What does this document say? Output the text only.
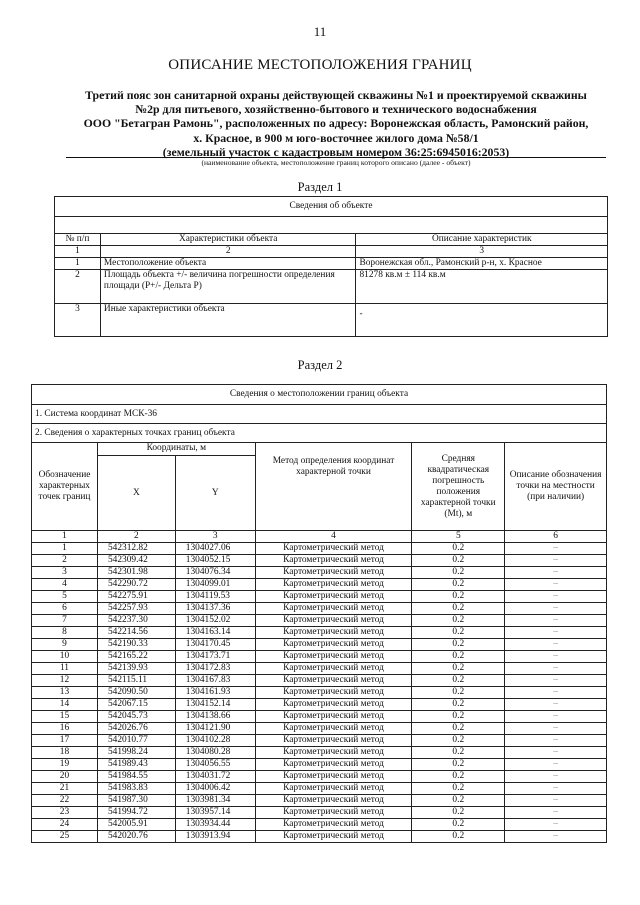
11
ОПИСАНИЕ МЕСТОПОЛОЖЕНИЯ ГРАНИЦ
Третий пояс зон санитарной охраны действующей скважины №1 и проектируемой скважины
№2р для питьевого, хозяйственно-бытового и технического водоснабжения
ООО "Бетагран Рамонь", расположенных по адресу: Воронежская область, Рамонский район,
х. Красное, в 900 м юго-восточнее жилого дома №58/1
(земельный участок с кадастровым номером 36:25:6945016:2053)
(наименование объекта, местоположение границ которого описано (далее - объект)
Раздел 1
Сведения об объекте		

№ п/п	Характеристики объекта	Описание характеристик
1	2	3
1	Местоположение объекта	Воронежская обл., Рамонский р-н, х. Красное
2	Площадь объекта +/- величина погрешности определения площади (Р+/- Дельта Р)	81278 кв.м ± 114 кв.м
3	Иные характеристики объекта	-
Раздел 2
Сведения о местоположении границ объекта					
1. Система координат МСК-36					
2. Сведения о характерных точках границ объекта					
Обозначение характерных точек границ	Координаты, м		Метод определения координат характерной точки	Средняя квадратическая погрешность положения характерной точки (Mt), м	Описание обозначения точки на местности (при наличии)
	X	Y			
1	2	3	4	5	6
1	542312.82	1304027.06	Картометрический метод	0.2	–
2	542309.42	1304052.15	Картометрический метод	0.2	–
3	542301.98	1304076.34	Картометрический метод	0.2	–
4	542290.72	1304099.01	Картометрический метод	0.2	–
5	542275.91	1304119.53	Картометрический метод	0.2	–
6	542257.93	1304137.36	Картометрический метод	0.2	–
7	542237.30	1304152.02	Картометрический метод	0.2	–
8	542214.56	1304163.14	Картометрический метод	0.2	–
9	542190.33	1304170.45	Картометрический метод	0.2	–
10	542165.22	1304173.71	Картометрический метод	0.2	–
11	542139.93	1304172.83	Картометрический метод	0.2	–
12	542115.11	1304167.83	Картометрический метод	0.2	–
13	542090.50	1304161.93	Картометрический метод	0.2	–
14	542067.15	1304152.14	Картометрический метод	0.2	–
15	542045.73	1304138.66	Картометрический метод	0.2	–
16	542026.76	1304121.90	Картометрический метод	0.2	–
17	542010.77	1304102.28	Картометрический метод	0.2	–
18	541998.24	1304080.28	Картометрический метод	0.2	–
19	541989.43	1304056.55	Картометрический метод	0.2	–
20	541984.55	1304031.72	Картометрический метод	0.2	–
21	541983.83	1304006.42	Картометрический метод	0.2	–
22	541987.30	1303981.34	Картометрический метод	0.2	–
23	541994.72	1303957.14	Картометрический метод	0.2	–
24	542005.91	1303934.44	Картометрический метод	0.2	–
25	542020.76	1303913.94	Картометрический метод	0.2	–
